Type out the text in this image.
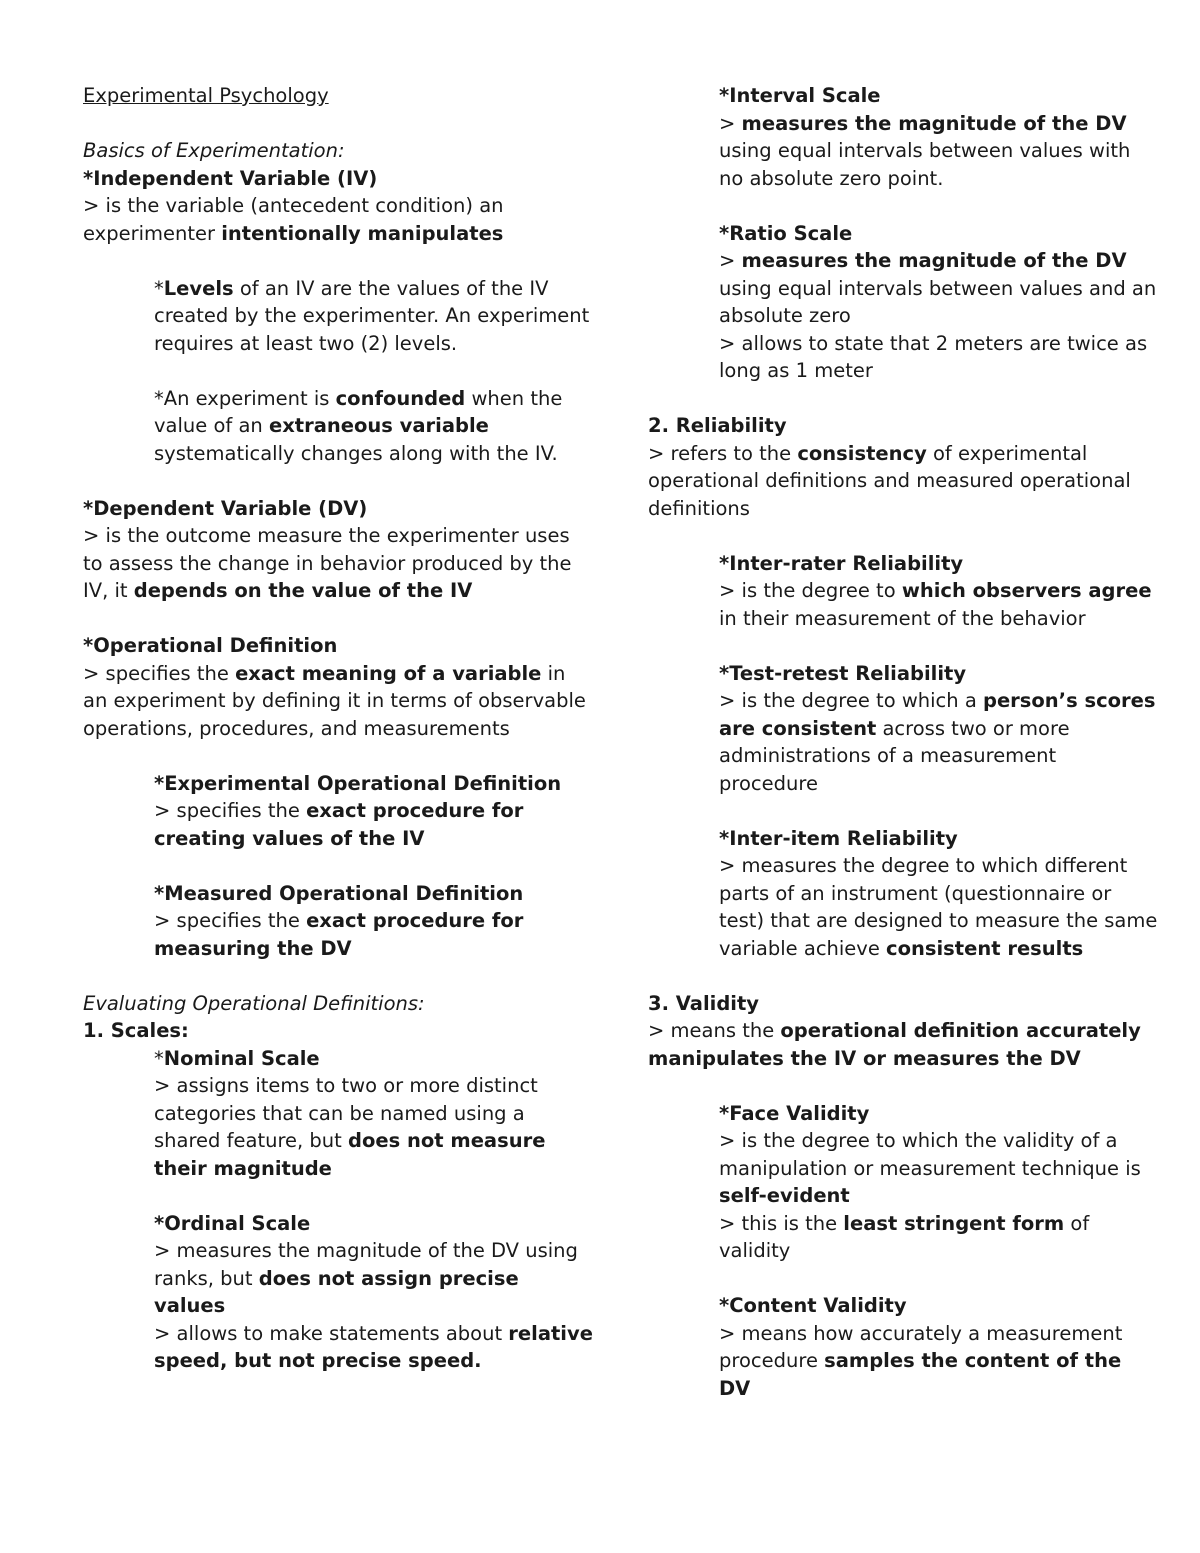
Experimental Psychology

Basics of Experimentation:

*Independent Variable (IV)

> is the variable (antecedent condition) an experimenter intentionally manipulates

*Levels of an IV are the values of the IV created by the experimenter. An experiment requires at least two (2) levels.

*An experiment is confounded when the value of an extraneous variable systematically changes along with the IV.

*Dependent Variable (DV)

> is the outcome measure the experimenter uses to assess the change in behavior produced by the IV, it depends on the value of the IV

*Operational Definition

> specifies the exact meaning of a variable in an experiment by defining it in terms of observable operations, procedures, and measurements

*Experimental Operational Definition

> specifies the exact procedure for creating values of the IV

*Measured Operational Definition

> specifies the exact procedure for measuring the DV

Evaluating Operational Definitions:

1. Scales:

*Nominal Scale

> assigns items to two or more distinct categories that can be named using a shared feature, but does not measure their magnitude

*Ordinal Scale

> measures the magnitude of the DV using ranks, but does not assign precise values

> allows to make statements about relative speed, but not precise speed.

*Interval Scale

> measures the magnitude of the DV using equal intervals between values with no absolute zero point.

*Ratio Scale

> measures the magnitude of the DV using equal intervals between values and an absolute zero

> allows to state that 2 meters are twice as long as 1 meter

2. Reliability

> refers to the consistency of experimental operational definitions and measured operational definitions

*Inter-rater Reliability

> is the degree to which observers agree in their measurement of the behavior

*Test-retest Reliability

> is the degree to which a person’s scores are consistent across two or more administrations of a measurement procedure

*Inter-item Reliability

> measures the degree to which different parts of an instrument (questionnaire or test) that are designed to measure the same variable achieve consistent results

3. Validity

> means the operational definition accurately manipulates the IV or measures the DV

*Face Validity

> is the degree to which the validity of a manipulation or measurement technique is self-evident

> this is the least stringent form of validity

*Content Validity

> means how accurately a measurement procedure samples the content of the DV
